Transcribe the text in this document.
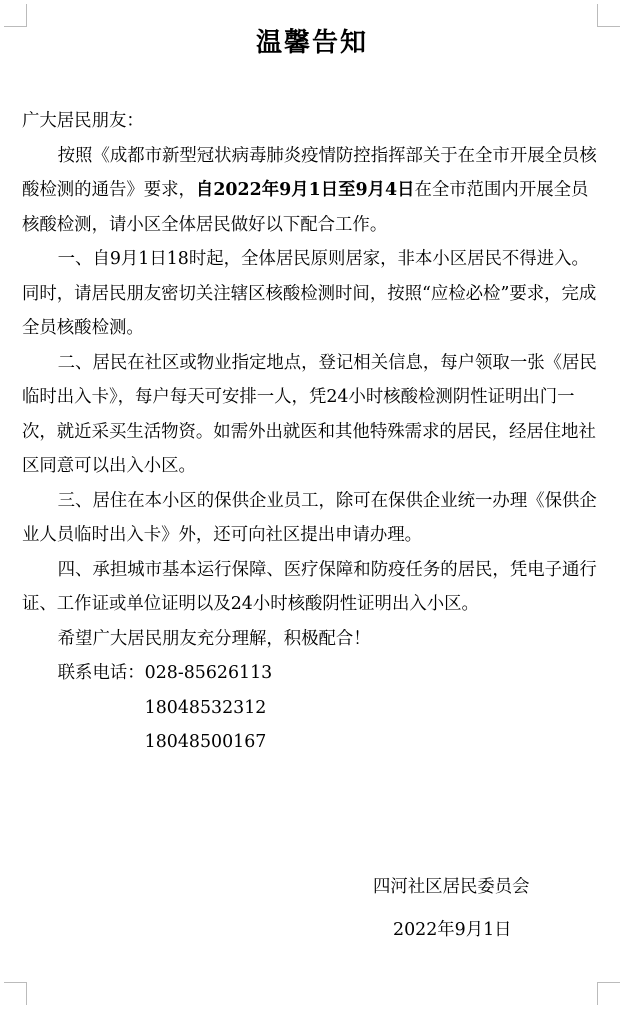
温馨告知

广大居民朋友：

按照《成都市新型冠状病毒肺炎疫情防控指挥部关于在全市开展全员核酸检测的通告》要求，自2022年9月1日至9月4日在全市范围内开展全员核酸检测，请小区全体居民做好以下配合工作。

一、自9月1日18时起，全体居民原则居家，非本小区居民不得进入。同时，请居民朋友密切关注辖区核酸检测时间，按照“应检必检”要求，完成全员核酸检测。

二、居民在社区或物业指定地点，登记相关信息，每户领取一张《居民临时出入卡》，每户每天可安排一人，凭24小时核酸检测阴性证明出门一次，就近采买生活物资。如需外出就医和其他特殊需求的居民，经居住地社区同意可以出入小区。

三、居住在本小区的保供企业员工，除可在保供企业统一办理《保供企业人员临时出入卡》外，还可向社区提出申请办理。

四、承担城市基本运行保障、医疗保障和防疫任务的居民，凭电子通行证、工作证或单位证明以及24小时核酸阴性证明出入小区。

希望广大居民朋友充分理解，积极配合！

联系电话： 028-85626113
18048532312
18048500167
四河社区居民委员会
2022年9月1日
